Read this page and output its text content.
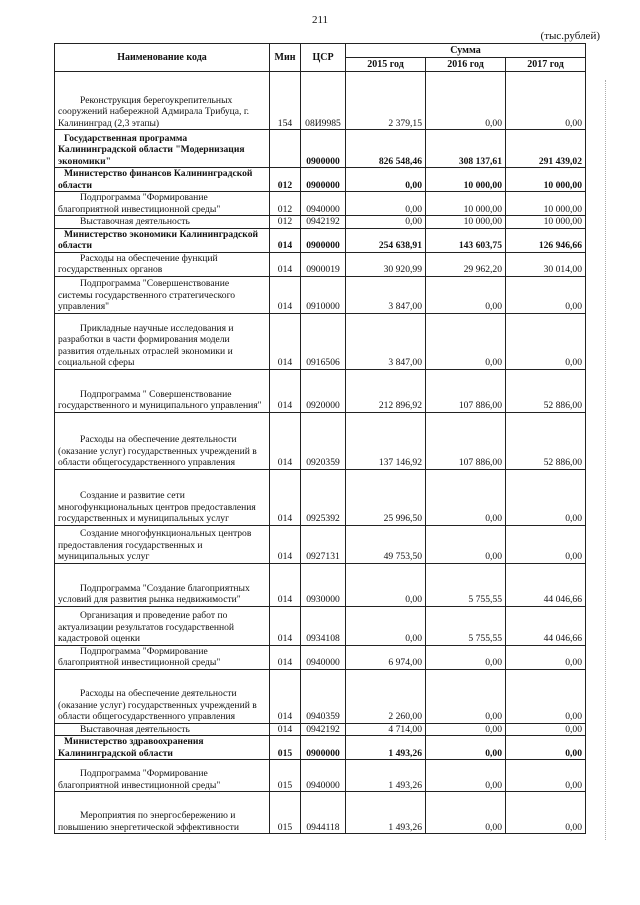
211
(тыс.рублей)
Наименование кода	Мин	ЦСР	Сумма		
			2015 год	2016 год	2017 год
Реконструкция берегоукрепительных сооружений набережной Адмирала Трибуца, г. Калининград (2,3 этапы)	154	08И9985	2 379,15	0,00	0,00
Государственная программа Калининградской области "Модернизация экономики"		0900000	826 548,46	308 137,61	291 439,02
Министерство финансов Калининградской области	012	0900000	0,00	10 000,00	10 000,00
Подпрограмма "Формирование благоприятной инвестиционной среды"	012	0940000	0,00	10 000,00	10 000,00
Выставочная деятельность	012	0942192	0,00	10 000,00	10 000,00
Министерство экономики Калининградской области	014	0900000	254 638,91	143 603,75	126 946,66
Расходы на обеспечение функций государственных органов	014	0900019	30 920,99	29 962,20	30 014,00
Подпрограмма "Совершенствование системы государственного стратегического управления"	014	0910000	3 847,00	0,00	0,00
Прикладные научные исследования и разработки в части формирования модели развития отдельных отраслей экономики и социальной сферы	014	0916506	3 847,00	0,00	0,00
Подпрограмма " Совершенствование государственного и муниципального управления"	014	0920000	212 896,92	107 886,00	52 886,00
Расходы на обеспечение деятельности (оказание услуг) государственных учреждений в области общегосударственного управления	014	0920359	137 146,92	107 886,00	52 886,00
Создание и развитие сети многофункциональных центров предоставления государственных и муниципальных услуг	014	0925392	25 996,50	0,00	0,00
Создание многофункциональных центров предоставления государственных и муниципальных услуг	014	0927131	49 753,50	0,00	0,00
Подпрограмма "Создание благоприятных условий для развития рынка недвижимости"	014	0930000	0,00	5 755,55	44 046,66
Организация и проведение работ по актуализации результатов государственной кадастровой оценки	014	0934108	0,00	5 755,55	44 046,66
Подпрограмма "Формирование благоприятной инвестиционной среды"	014	0940000	6 974,00	0,00	0,00
Расходы на обеспечение деятельности (оказание услуг) государственных учреждений в области общегосударственного управления	014	0940359	2 260,00	0,00	0,00
Выставочная деятельность	014	0942192	4 714,00	0,00	0,00
Министерство здравоохранения Калининградской области	015	0900000	1 493,26	0,00	0,00
Подпрограмма "Формирование благоприятной инвестиционной среды"	015	0940000	1 493,26	0,00	0,00
Мероприятия по энергосбережению и повышению энергетической эффективности	015	0944118	1 493,26	0,00	0,00
